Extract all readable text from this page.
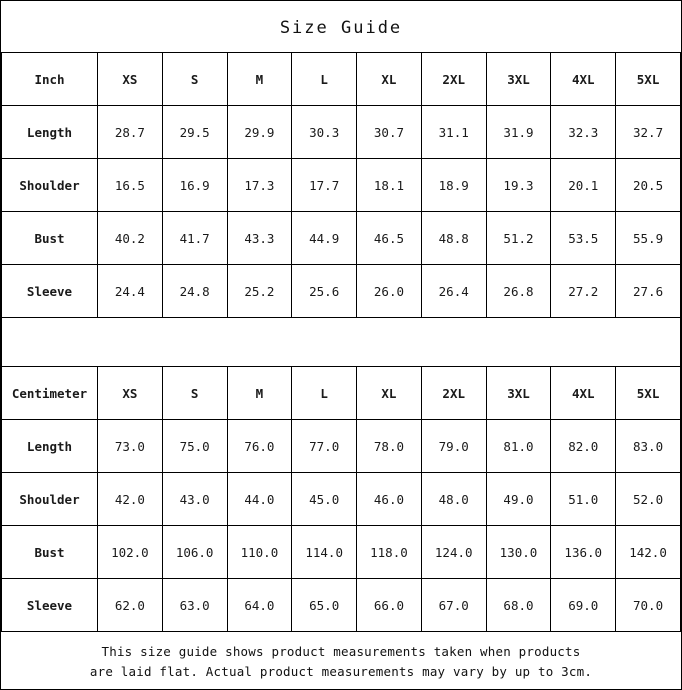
Size Guide
Inch	XS	S	M	L	XL	2XL	3XL	4XL	5XL
Length	28.7	29.5	29.9	30.3	30.7	31.1	31.9	32.3	32.7
Shoulder	16.5	16.9	17.3	17.7	18.1	18.9	19.3	20.1	20.5
Bust	40.2	41.7	43.3	44.9	46.5	48.8	51.2	53.5	55.9
Sleeve	24.4	24.8	25.2	25.6	26.0	26.4	26.8	27.2	27.6
Centimeter	XS	S	M	L	XL	2XL	3XL	4XL	5XL
Length	73.0	75.0	76.0	77.0	78.0	79.0	81.0	82.0	83.0
Shoulder	42.0	43.0	44.0	45.0	46.0	48.0	49.0	51.0	52.0
Bust	102.0	106.0	110.0	114.0	118.0	124.0	130.0	136.0	142.0
Sleeve	62.0	63.0	64.0	65.0	66.0	67.0	68.0	69.0	70.0
This size guide shows product measurements taken when products
are laid flat. Actual product measurements may vary by up to 3cm.
